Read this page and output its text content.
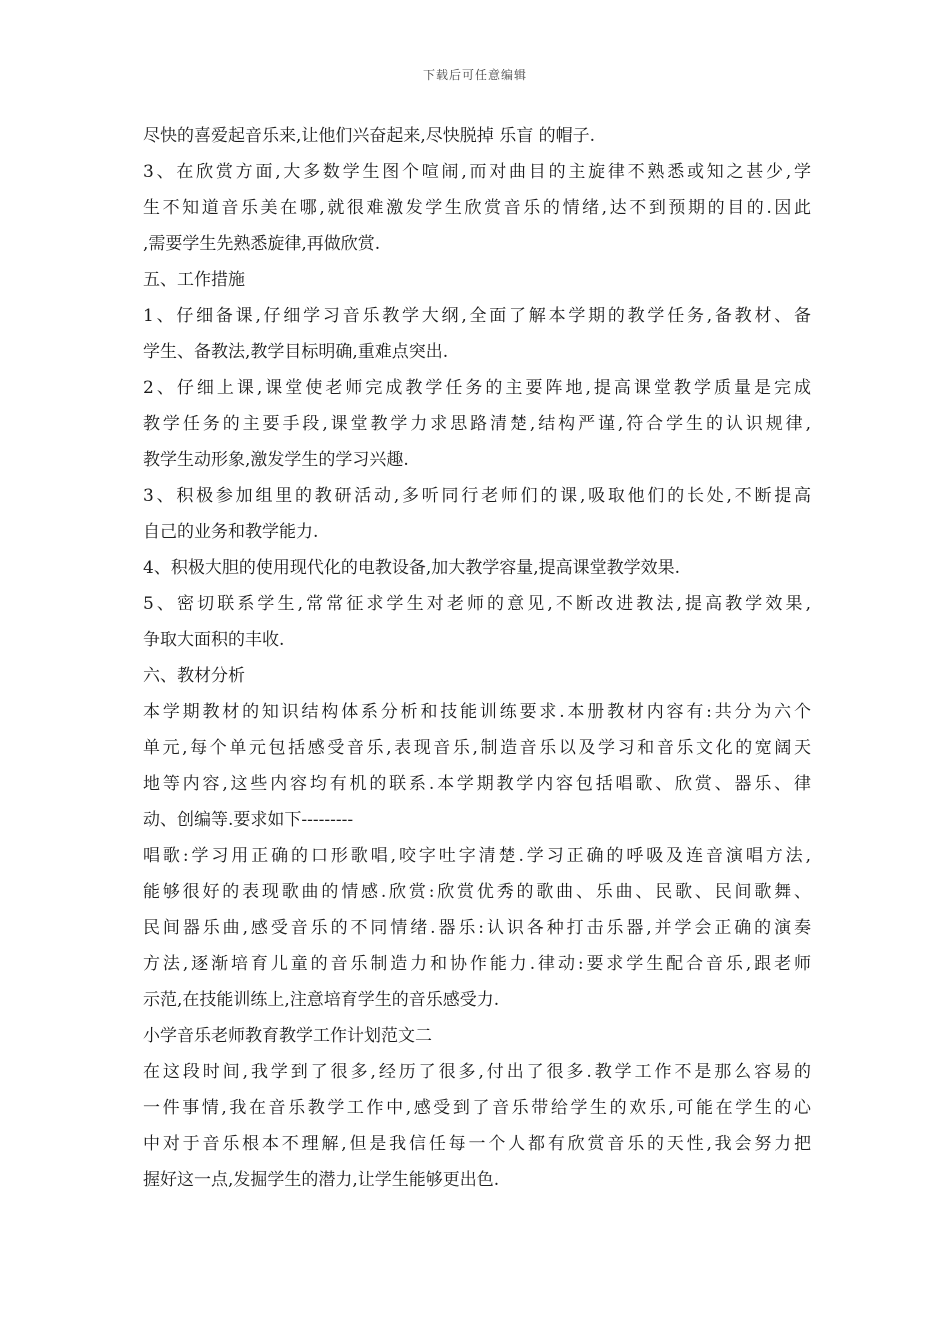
下载后可任意编辑
尽快的喜爱起音乐来,让他们兴奋起来,尽快脱掉 乐盲 的帽子.
3、在欣赏方面,大多数学生图个喧闹,而对曲目的主旋律不熟悉或知之甚少,学
生不知道音乐美在哪,就很难激发学生欣赏音乐的情绪,达不到预期的目的.因此
,需要学生先熟悉旋律,再做欣赏.
五、工作措施
1、仔细备课,仔细学习音乐教学大纲,全面了解本学期的教学任务,备教材、备
学生、备教法,教学目标明确,重难点突出.
2、仔细上课,课堂使老师完成教学任务的主要阵地,提高课堂教学质量是完成
教学任务的主要手段,课堂教学力求思路清楚,结构严谨,符合学生的认识规律,
教学生动形象,激发学生的学习兴趣.
3、积极参加组里的教研活动,多听同行老师们的课,吸取他们的长处,不断提高
自己的业务和教学能力.
4、积极大胆的使用现代化的电教设备,加大教学容量,提高课堂教学效果.
5、密切联系学生,常常征求学生对老师的意见,不断改进教法,提高教学效果,
争取大面积的丰收.
六、教材分析
本学期教材的知识结构体系分析和技能训练要求.本册教材内容有:共分为六个
单元,每个单元包括感受音乐,表现音乐,制造音乐以及学习和音乐文化的宽阔天
地等内容,这些内容均有机的联系.本学期教学内容包括唱歌、欣赏、器乐、律
动、创编等.要求如下---------
唱歌:学习用正确的口形歌唱,咬字吐字清楚.学习正确的呼吸及连音演唱方法,
能够很好的表现歌曲的情感.欣赏:欣赏优秀的歌曲、乐曲、民歌、民间歌舞、
民间器乐曲,感受音乐的不同情绪.器乐:认识各种打击乐器,并学会正确的演奏
方法,逐渐培育儿童的音乐制造力和协作能力.律动:要求学生配合音乐,跟老师
示范,在技能训练上,注意培育学生的音乐感受力.
小学音乐老师教育教学工作计划范文二
在这段时间,我学到了很多,经历了很多,付出了很多.教学工作不是那么容易的
一件事情,我在音乐教学工作中,感受到了音乐带给学生的欢乐,可能在学生的心
中对于音乐根本不理解,但是我信任每一个人都有欣赏音乐的天性,我会努力把
握好这一点,发掘学生的潜力,让学生能够更出色.
